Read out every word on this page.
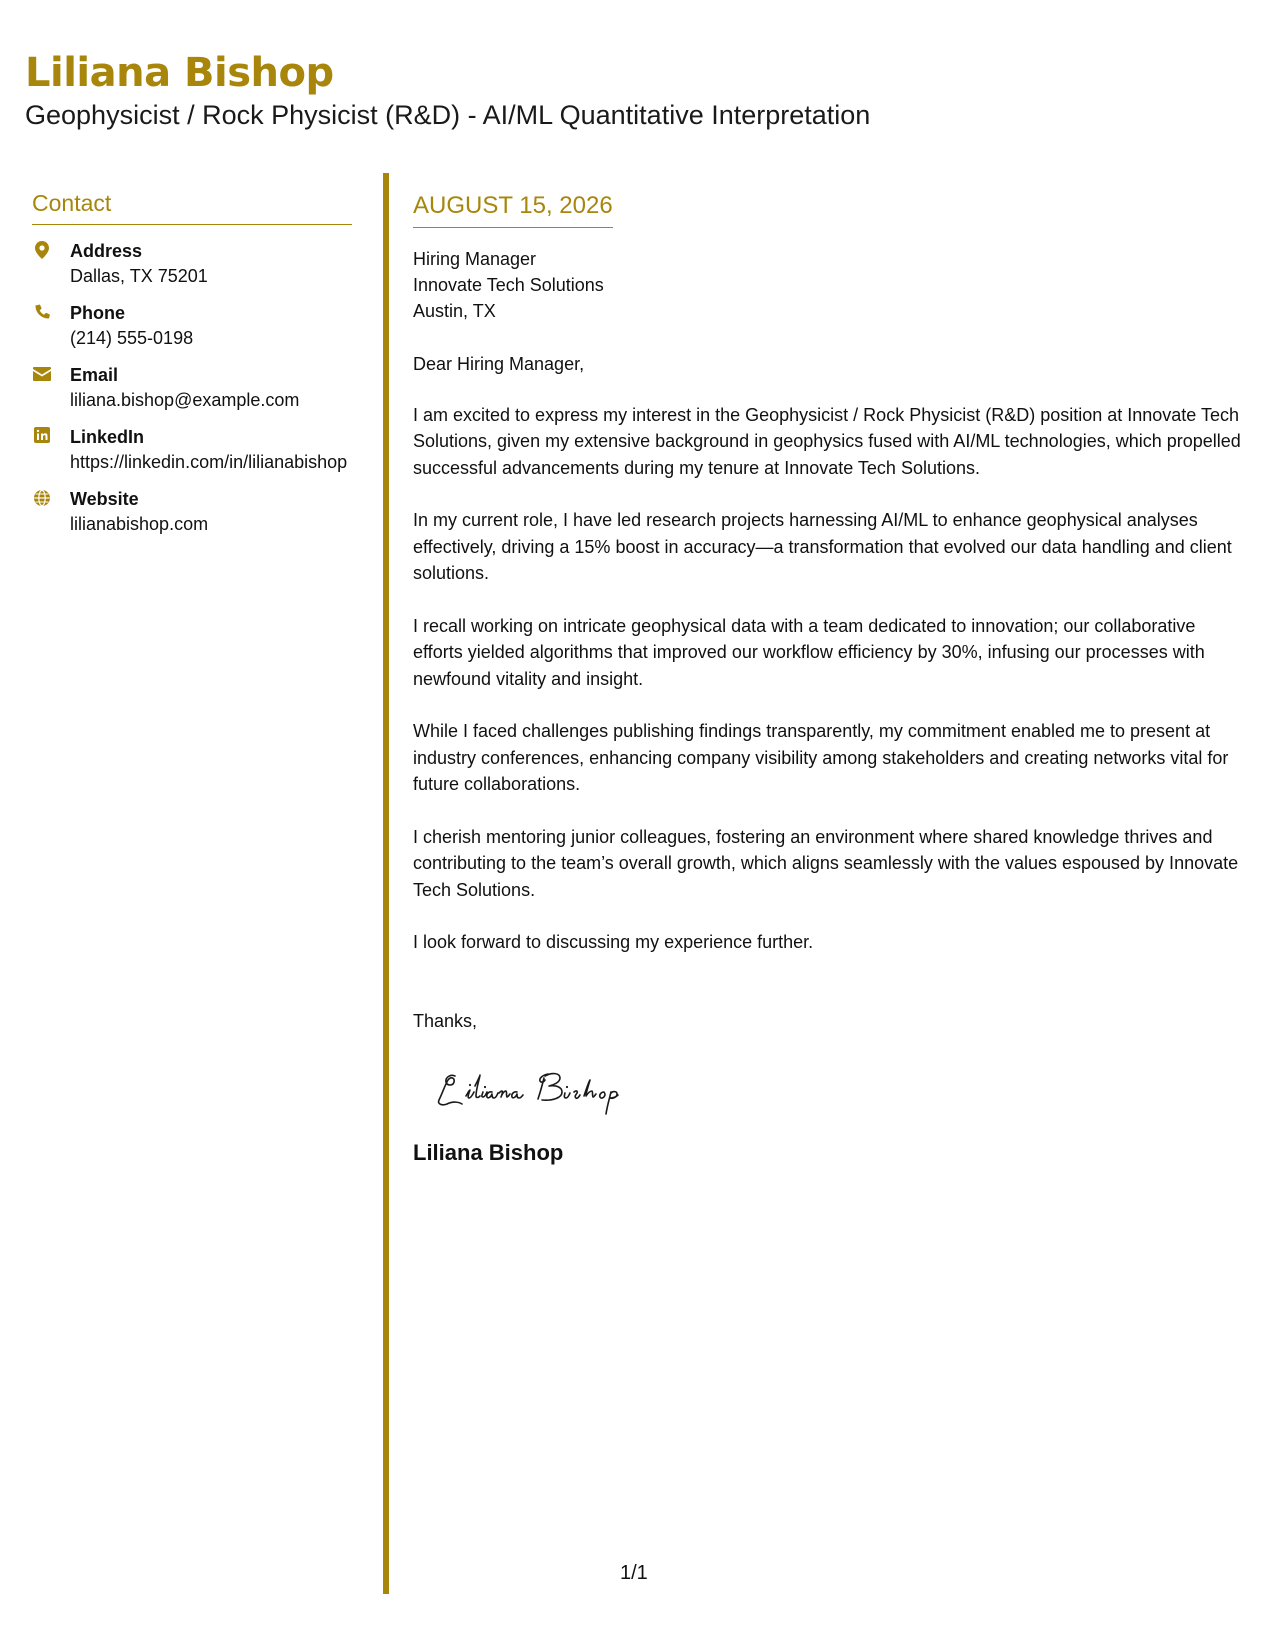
Liliana Bishop
Geophysicist / Rock Physicist (R&D) - AI/ML Quantitative Interpretation
Contact
Address
Dallas, TX 75201
Phone
(214) 555-0198
Email
liliana.bishop@example.com
LinkedIn
https://linkedin.com/in/lilianabishop
Website
lilianabishop.com
AUGUST 15, 2026
Hiring Manager
Innovate Tech Solutions
Austin, TX

Dear Hiring Manager,

I am excited to express my interest in the Geophysicist / Rock Physicist (R&D) position at Innovate Tech Solutions, given my extensive background in geophysics fused with AI/ML technologies, which propelled successful advancements during my tenure at Innovate Tech Solutions.

In my current role, I have led research projects harnessing AI/ML to enhance geophysical analyses effectively, driving a 15% boost in accuracy—a transformation that evolved our data handling and client solutions.

I recall working on intricate geophysical data with a team dedicated to innovation; our collaborative efforts yielded algorithms that improved our workflow efficiency by 30%, infusing our processes with newfound vitality and insight.

While I faced challenges publishing findings transparently, my commitment enabled me to present at industry conferences, enhancing company visibility among stakeholders and creating networks vital for future collaborations.

I cherish mentoring junior colleagues, fostering an environment where shared knowledge thrives and contributing to the team’s overall growth, which aligns seamlessly with the values espoused by Innovate Tech Solutions.

I look forward to discussing my experience further.

Thanks,

Liliana Bishop
1/1
